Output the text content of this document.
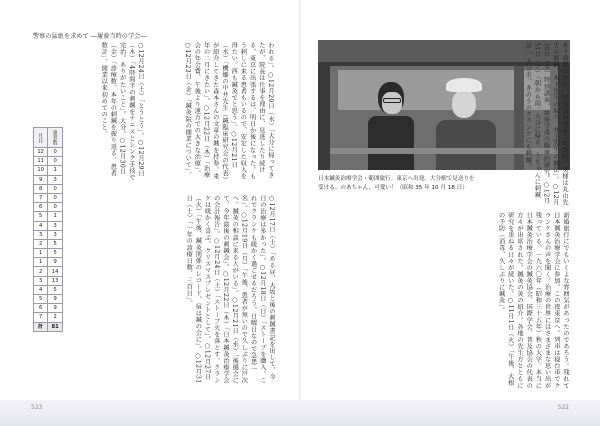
警察の猛絶を求めて ―履養当時の学会―

われる」。○12月20日（水）「大分に帰ってきたが、院長は仕事を理由に、見逃したり続ける。東京に出張するは、明日か後になった。もう刺しに来る患者もいるので、安定した収入を得たい。西も鍼灸でと思う」。○12月21日（水）「機嫌の中井先生（鍼臨床研究会の代表）が紹介してきた森本さんの文章の鍼を持参。来年の二月にきたい」。○12月22日（木）「治療会の年会費、午後より遠方での大きな治療」。○12月23日（金）「鍼灸院の開業について」。

○12月24日（土）「とうとう」。○12月29日（木）「4時間半の刺鍼をテニスとシンク手技で完治。ありがたいこと」。大分。○12月30日（金）「診療数。本年の刺鍼を振り返る。患者数計」。開業以来初めてのこと。

○12月17日（土）「ある昼、大坂と後の刺鍼書記を出して、今日の治療は多かった」。○12月18日（日）「ストーブを購入。これでクランケも暖かく過ごせるだろう。日曜日なので急患一名」。○12月19日（月）「午後、患者が無いので久しぶりに戸次へ。鍼灸の相談に来る人がいる」。○12月21日（水）「後援会にて、今年最後の刺鍼会」。○12月22日（木）「日本鍼灸治療学会の会計報告」。○12月24日（土）「ストーブ火を落とす。クランケは暖かく喜ぶ。クリスマスプレゼントとして」。○12月27日（火）「午後、鍼灸関係のレコード、宿は鍼の会に」。○12月31日（土）「一年の診療日数、三百日」。

月日	患者数
12	0
11	0
10	1
9	3
8	0
7	0
6	0
5	1
4	3
3	3
2	5
1	5
1	9
2	14
3	13
4	5
5	9
6	9
7	2
計	81
日本鍼灸治療学会・範囲旅行。東京へ出発。大分駅で見送りを受ける。のあちゃん、可愛い！（昭和 35 年 10 月 18 日）	木下晴都の為氏、特別講演遠藤大助教授。実様は丸山先生の刺鍼。木下先生の取穴、井上先生の鍼法」。○12月30日（金）特別講演。経絡学説の臨床的研究。○12月31日（土）「朝から雨。大分に帰る。うちゃんに刺鍼法」。大分市。きのうのクランケにも刺鍼。

新婚旅行にでもいくよな雰囲気があったのであろう。残れて日本鍼灸治療学会に参加。この夜東京へ。列車は寝台車でクランケさんの声を聞く。治療の世界にはさまざまな思い出が残っている。一九六〇年（昭和三十五年）秋の大学。本当に日本鍼灸治療学会の鍼灸協会、国際学会、普及協会の代表の方々が出席された。鍼灸の灸の紹介。各地の先生方とともに研究を重ねる日々が続いた。○11月1日（火）「午後、大根の予防（消毒、久しぶりに鍼灸」。

523	522
